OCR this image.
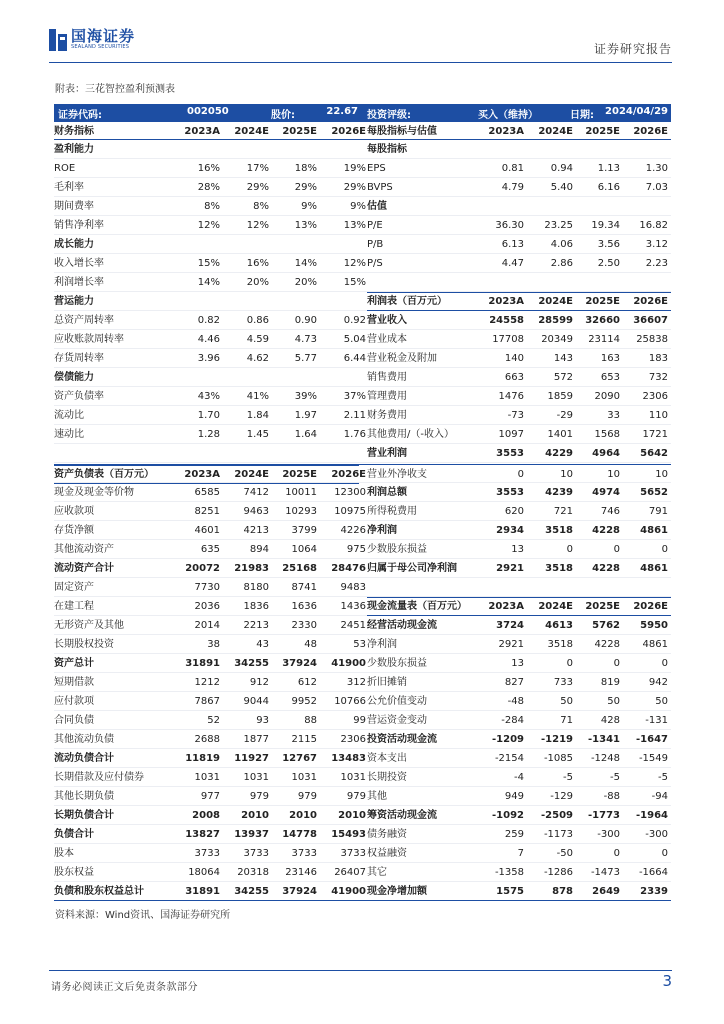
国海证券
SEALAND SECURITIES	证券研究报告
附表：三花智控盈利预测表
证券代码:	002050	股价:	22.67 投资评级:	买入（维持）	日期: 2024/04/29
财务指标	2023A 2024E 2025E 2026E 每股指标与估值	2023A 2024E 2025E 2026E
盈利能力	每股指标
ROE	16%	17%	18%	19% EPS	0.81	0.94 1.13	1.30
毛利率	28%	29%	29%	29% BVPS	4.79	5.40 6.16	7.03
期间费率	8%	8%	9%	9% 估值
销售净利率	12%	12%	13%	13% P/E	36.30 23.25 19.34 16.82
成长能力	P/B	6.13	4.06 3.56	3.12
收入增长率	15%	16%	14%	12% P/S	4.47	2.86 2.50	2.23
利润增长率	14%	20%	20%	15%
营运能力	利润表（百万元）	2023A 2024E 2025E 2026E
总资产周转率	0.82	0.86	0.90	0.92 营业收入	24558 28599 32660 36607
应收账款周转率	4.46	4.59	4.73	5.04 营业成本	17708 20349 23114 25838
存货周转率	3.96	4.62	5.77	6.44 营业税金及附加	140	143	163	183
偿债能力	销售费用	663	572	653	732
资产负债率	43%	41%	39%	37% 管理费用	1476 1859 2090 2306
流动比	1.70	1.84	1.97	2.11 财务费用	-73	-29	33	110
速动比	1.28	1.45	1.64	1.76 其他费用/（-收入）	1097 1401 1568 1721
营业利润	3553 4229 4964 5642
资产负债表（百万元）	2023A 2024E 2025E 2026E 营业外净收支	0	10	10	10
现金及现金等价物	6585 7412 10011 12300 利润总额	3553 4239 4974 5652
应收款项	8251 9463 10293 10975 所得税费用	620	721	746	791
存货净额	4601 4213 3799 4226 净利润	2934 3518 4228 4861
其他流动资产	635	894 1064	975 少数股东损益	13	0	0	0
流动资产合计	20072 21983 25168 28476 归属于母公司净利润	2921 3518 4228 4861
固定资产	7730 8180 8741 9483
在建工程	2036 1836 1636 1436 现金流量表（百万元） 2023A 2024E 2025E 2026E
无形资产及其他	2014 2213 2330 2451 经营活动现金流	3724 4613 5762 5950
长期股权投资	38	43	48	53 净利润	2921 3518 4228 4861
资产总计	31891 34255 37924 41900 少数股东损益	13	0	0	0
短期借款	1212	912	612	312 折旧摊销	827	733	819	942
应付款项	7867 9044 9952 10766 公允价值变动	-48	50	50	50
合同负债	52	93	88	99 营运资金变动	-284	71	428	-131
其他流动负债	2688 1877 2115 2306 投资活动现金流	-1209 -1219 -1341 -1647
流动负债合计	11819 11927 12767 13483 资本支出	-2154 -1085 -1248 -1549
长期借款及应付债券	1031 1031 1031 1031 长期投资	-4	-5	-5	-5
其他长期负债	977	979	979	979 其他	949	-129	-88	-94
长期负债合计	2008 2010 2010 2010 筹资活动现金流	-1092 -2509 -1773 -1964
负债合计	13827 13937 14778 15493 债务融资	259 -1173 -300	-300
股本	3733 3733 3733 3733 权益融资	7	-50	0	0
股东权益	18064 20318 23146 26407 其它	-1358 -1286 -1473 -1664
负债和股东权益总计	31891 34255 37924 41900 现金净增加额	1575	878 2649 2339
资料来源：Wind资讯、国海证券研究所
请务必阅读正文后免责条款部分	3
